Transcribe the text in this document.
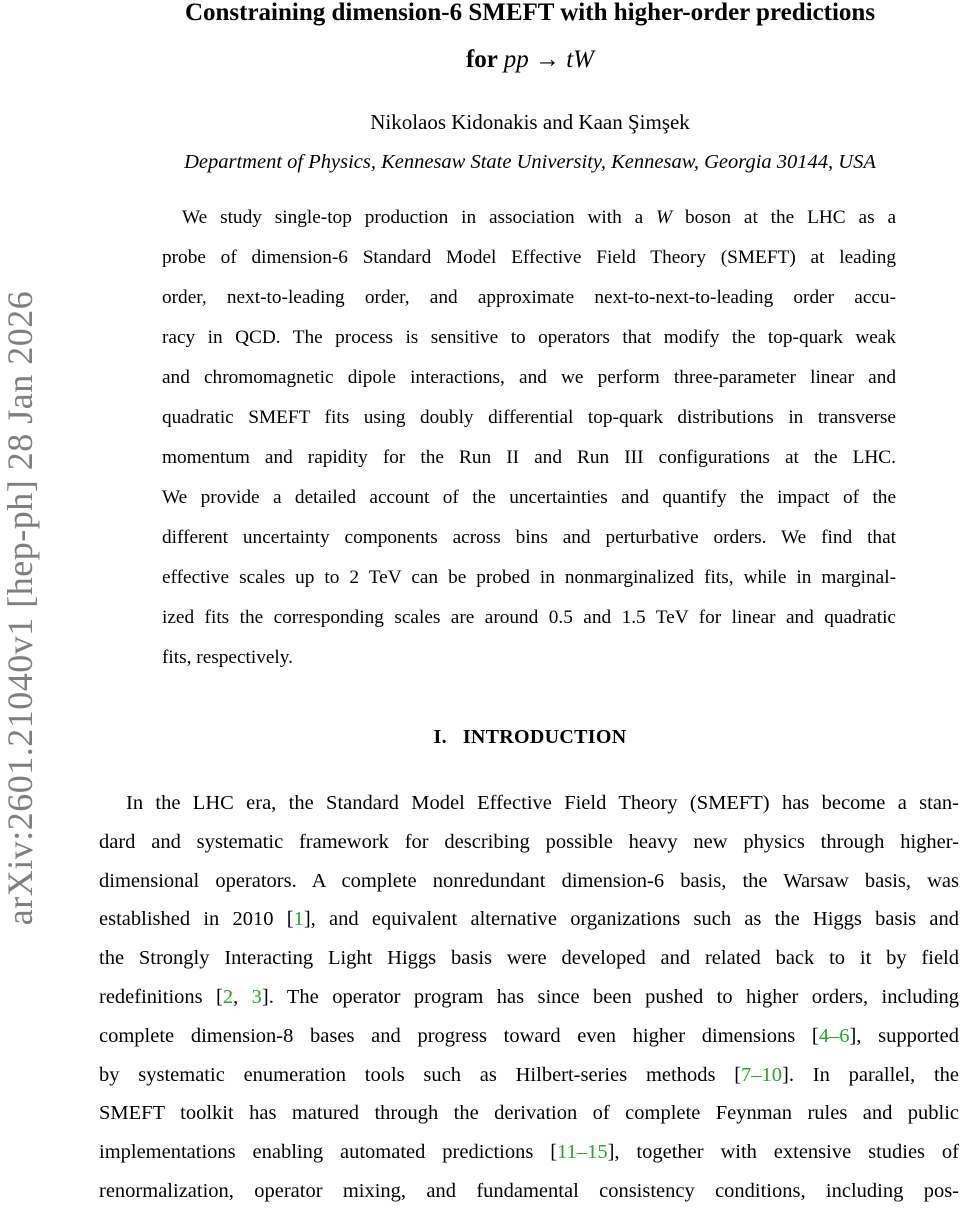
arXiv:2601.21040v1 [hep-ph] 28 Jan 2026
Constraining dimension-6 SMEFT with higher-order predictions
for pp → tW
Nikolaos Kidonakis and Kaan Şimşek
Department of Physics, Kennesaw State University, Kennesaw, Georgia 30144, USA
We study single-top production in association with a W boson at the LHC as a
probe of dimension-6 Standard Model Effective Field Theory (SMEFT) at leading
order, next-to-leading order, and approximate next-to-next-to-leading order accu-
racy in QCD. The process is sensitive to operators that modify the top-quark weak
and chromomagnetic dipole interactions, and we perform three-parameter linear and
quadratic SMEFT fits using doubly differential top-quark distributions in transverse
momentum and rapidity for the Run II and Run III configurations at the LHC.
We provide a detailed account of the uncertainties and quantify the impact of the
different uncertainty components across bins and perturbative orders. We find that
effective scales up to 2 TeV can be probed in nonmarginalized fits, while in marginal-
ized fits the corresponding scales are around 0.5 and 1.5 TeV for linear and quadratic
fits, respectively.
I. INTRODUCTION
In the LHC era, the Standard Model Effective Field Theory (SMEFT) has become a stan-
dard and systematic framework for describing possible heavy new physics through higher-
dimensional operators. A complete nonredundant dimension-6 basis, the Warsaw basis, was
established in 2010 [1], and equivalent alternative organizations such as the Higgs basis and
the Strongly Interacting Light Higgs basis were developed and related back to it by field
redefinitions [2, 3]. The operator program has since been pushed to higher orders, including
complete dimension-8 bases and progress toward even higher dimensions [4–6], supported
by systematic enumeration tools such as Hilbert-series methods [7–10]. In parallel, the
SMEFT toolkit has matured through the derivation of complete Feynman rules and public
implementations enabling automated predictions [11–15], together with extensive studies of
renormalization, operator mixing, and fundamental consistency conditions, including pos-
